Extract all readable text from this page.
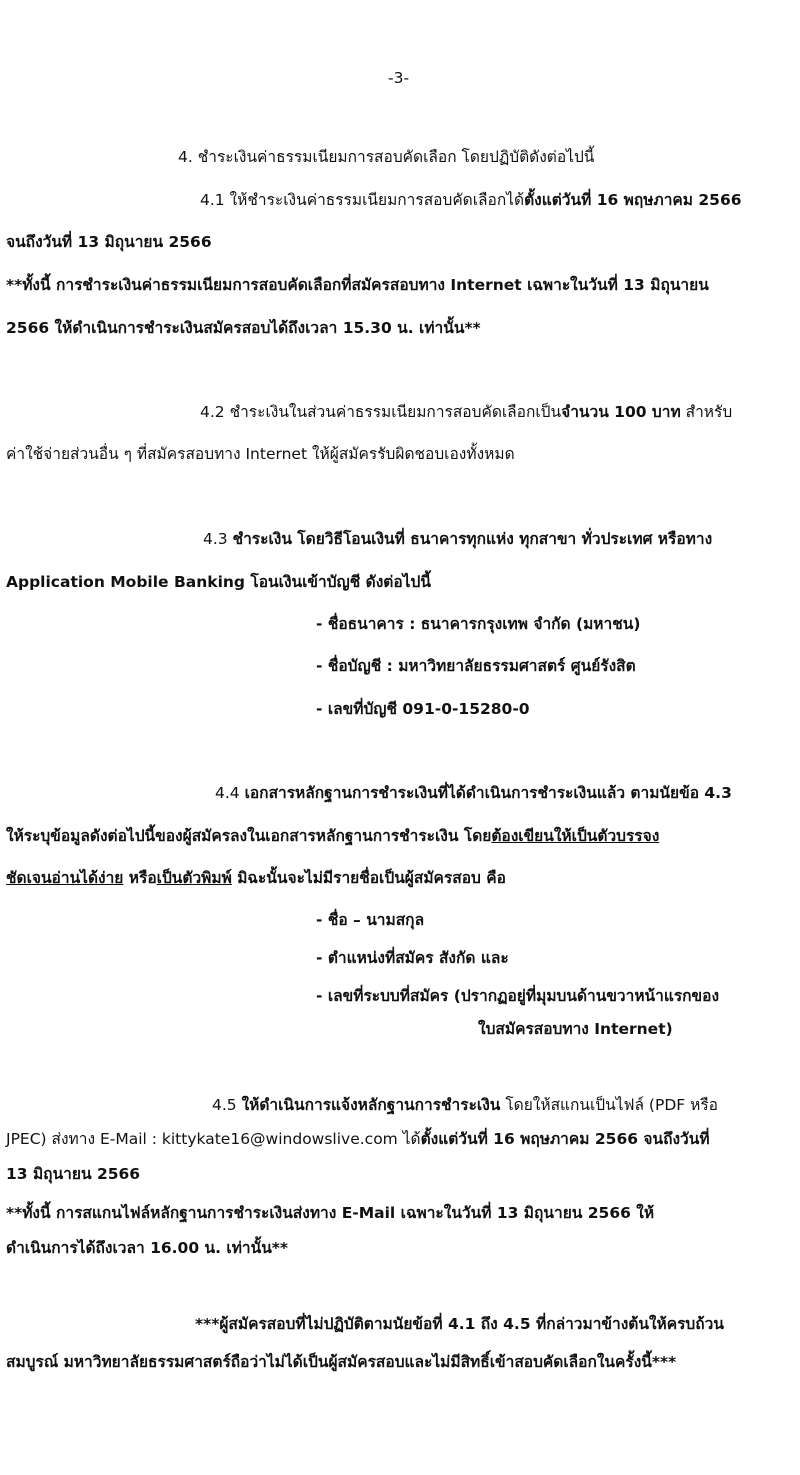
-3-
4. ชำระเงินค่าธรรมเนียมการสอบคัดเลือก โดยปฏิบัติดังต่อไปนี้
4.1 ให้ชำระเงินค่าธรรมเนียมการสอบคัดเลือกได้ตั้งแต่วันที่ 16 พฤษภาคม 2566
จนถึงวันที่ 13 มิถุนายน 2566
**ทั้งนี้ การชำระเงินค่าธรรมเนียมการสอบคัดเลือกที่สมัครสอบทาง Internet เฉพาะในวันที่ 13 มิถุนายน
2566 ให้ดำเนินการชำระเงินสมัครสอบได้ถึงเวลา 15.30 น. เท่านั้น**
4.2 ชำระเงินในส่วนค่าธรรมเนียมการสอบคัดเลือกเป็นจำนวน 100 บาท สำหรับ
ค่าใช้จ่ายส่วนอื่น ๆ ที่สมัครสอบทาง Internet ให้ผู้สมัครรับผิดชอบเองทั้งหมด
4.3 ชำระเงิน โดยวิธีโอนเงินที่ ธนาคารทุกแห่ง ทุกสาขา ทั่วประเทศ หรือทาง
Application Mobile Banking โอนเงินเข้าบัญชี ดังต่อไปนี้
- ชื่อธนาคาร : ธนาคารกรุงเทพ จำกัด (มหาชน)
- ชื่อบัญชี : มหาวิทยาลัยธรรมศาสตร์ ศูนย์รังสิต
- เลขที่บัญชี 091-0-15280-0
4.4 เอกสารหลักฐานการชำระเงินที่ได้ดำเนินการชำระเงินแล้ว ตามนัยข้อ 4.3
ให้ระบุข้อมูลดังต่อไปนี้ของผู้สมัครลงในเอกสารหลักฐานการชำระเงิน โดยต้องเขียนให้เป็นตัวบรรจง
ชัดเจนอ่านได้ง่าย หรือเป็นตัวพิมพ์ มิฉะนั้นจะไม่มีรายชื่อเป็นผู้สมัครสอบ คือ
- ชื่อ – นามสกุล
- ตำแหน่งที่สมัคร สังกัด และ
- เลขที่ระบบที่สมัคร (ปรากฏอยู่ที่มุมบนด้านขวาหน้าแรกของ
ใบสมัครสอบทาง Internet)
4.5 ให้ดำเนินการแจ้งหลักฐานการชำระเงิน โดยให้สแกนเป็นไฟล์ (PDF หรือ
JPEC) ส่งทาง E-Mail : kittykate16@windowslive.com ได้ตั้งแต่วันที่ 16 พฤษภาคม 2566 จนถึงวันที่
13 มิถุนายน 2566
**ทั้งนี้ การสแกนไฟล์หลักฐานการชำระเงินส่งทาง E-Mail เฉพาะในวันที่ 13 มิถุนายน 2566 ให้
ดำเนินการได้ถึงเวลา 16.00 น. เท่านั้น**
***ผู้สมัครสอบที่ไม่ปฏิบัติตามนัยข้อที่ 4.1 ถึง 4.5 ที่กล่าวมาข้างต้นให้ครบถ้วน
สมบูรณ์ มหาวิทยาลัยธรรมศาสตร์ถือว่าไม่ได้เป็นผู้สมัครสอบและไม่มีสิทธิ์เข้าสอบคัดเลือกในครั้งนี้***
